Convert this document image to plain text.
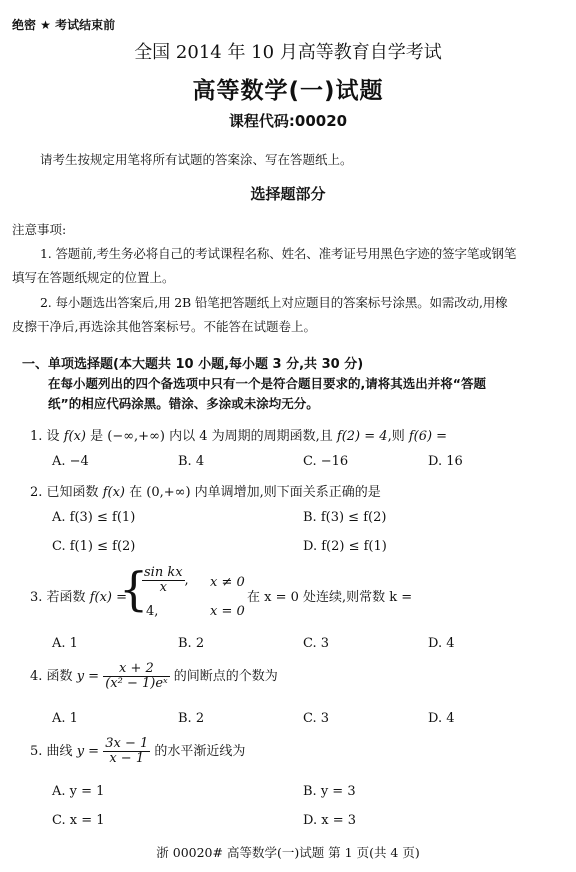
绝密 ★ 考试结束前
全国 2014 年 10 月高等教育自学考试
高等数学(一)试题
课程代码:00020
请考生按规定用笔将所有试题的答案涂、写在答题纸上。
选择题部分
注意事项:
1. 答题前,考生务必将自己的考试课程名称、姓名、准考证号用黑色字迹的签字笔或钢笔
填写在答题纸规定的位置上。
2. 每小题选出答案后,用 2B 铅笔把答题纸上对应题目的答案标号涂黑。如需改动,用橡
皮擦干净后,再选涂其他答案标号。不能答在试题卷上。
一、单项选择题(本大题共 10 小题,每小题 3 分,共 30 分)
在每小题列出的四个备选项中只有一个是符合题目要求的,请将其选出并将“答题
纸”的相应代码涂黑。错涂、多涂或未涂均无分。
1. 设 f(x) 是 (−∞,+∞) 内以 4 为周期的周期函数,且 f(2) = 4,则 f(6) =
A. −4	B. 4	C. −16	D. 16
2. 已知函数 f(x) 在 (0,+∞) 内单调增加,则下面关系正确的是
A. f(3) ≤ f(1)	B. f(3) ≤ f(2)
C. f(1) ≤ f(2)	D. f(2) ≤ f(1)
3. 若函数 f(x) =
{
$\frac{\text{sin kx}}{x}$ , x ≠ 0
4,	x = 0
在 x = 0 处连续,则常数 k =
A. 1	B. 2	C. 3	D. 4
4. 函数 $y = \frac{x + 2}{\text{(x² − 1)eˣ}}$ 的间断点的个数为
A. 1	B. 2	C. 3	D. 4
5. 曲线 $y = \frac{3x - 1}{x - 1}$ 的水平渐近线为
A. y = 1	B. y = 3
C. x = 1	D. x = 3
浙 00020# 高等数学(一)试题 第 1 页(共 4 页)
